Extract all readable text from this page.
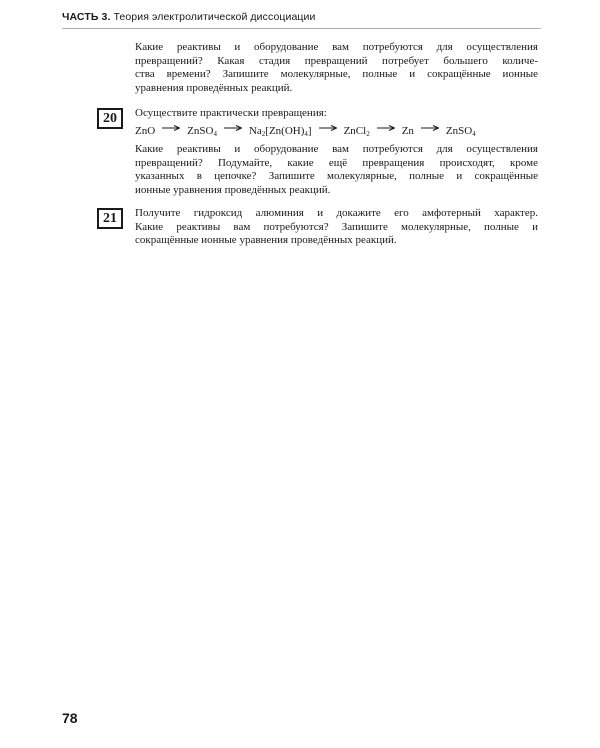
ЧАСТЬ 3. Теория электролитической диссоциации
Какие реактивы и оборудование вам потребуются для осуществления
превращений? Какая стадия превращений потребует большего количе-
ства времени? Запишите молекулярные, полные и сокращённые ионные
уравнения проведённых реакций.
20	Осуществите практически превращения:
ZnO	ZnSO4	Na2[Zn(OH)4]	ZnCl2	Zn	ZnSO4
Какие реактивы и оборудование вам потребуются для осуществления
превращений? Подумайте, какие ещё превращения происходят, кроме
указанных в цепочке? Запишите молекулярные, полные и сокращённые
ионные уравнения проведённых реакций.
21	Получите гидроксид алюминия и докажите его амфотерный характер.
Какие реактивы вам потребуются? Запишите молекулярные, полные и
сокращённые ионные уравнения проведённых реакций.
78
